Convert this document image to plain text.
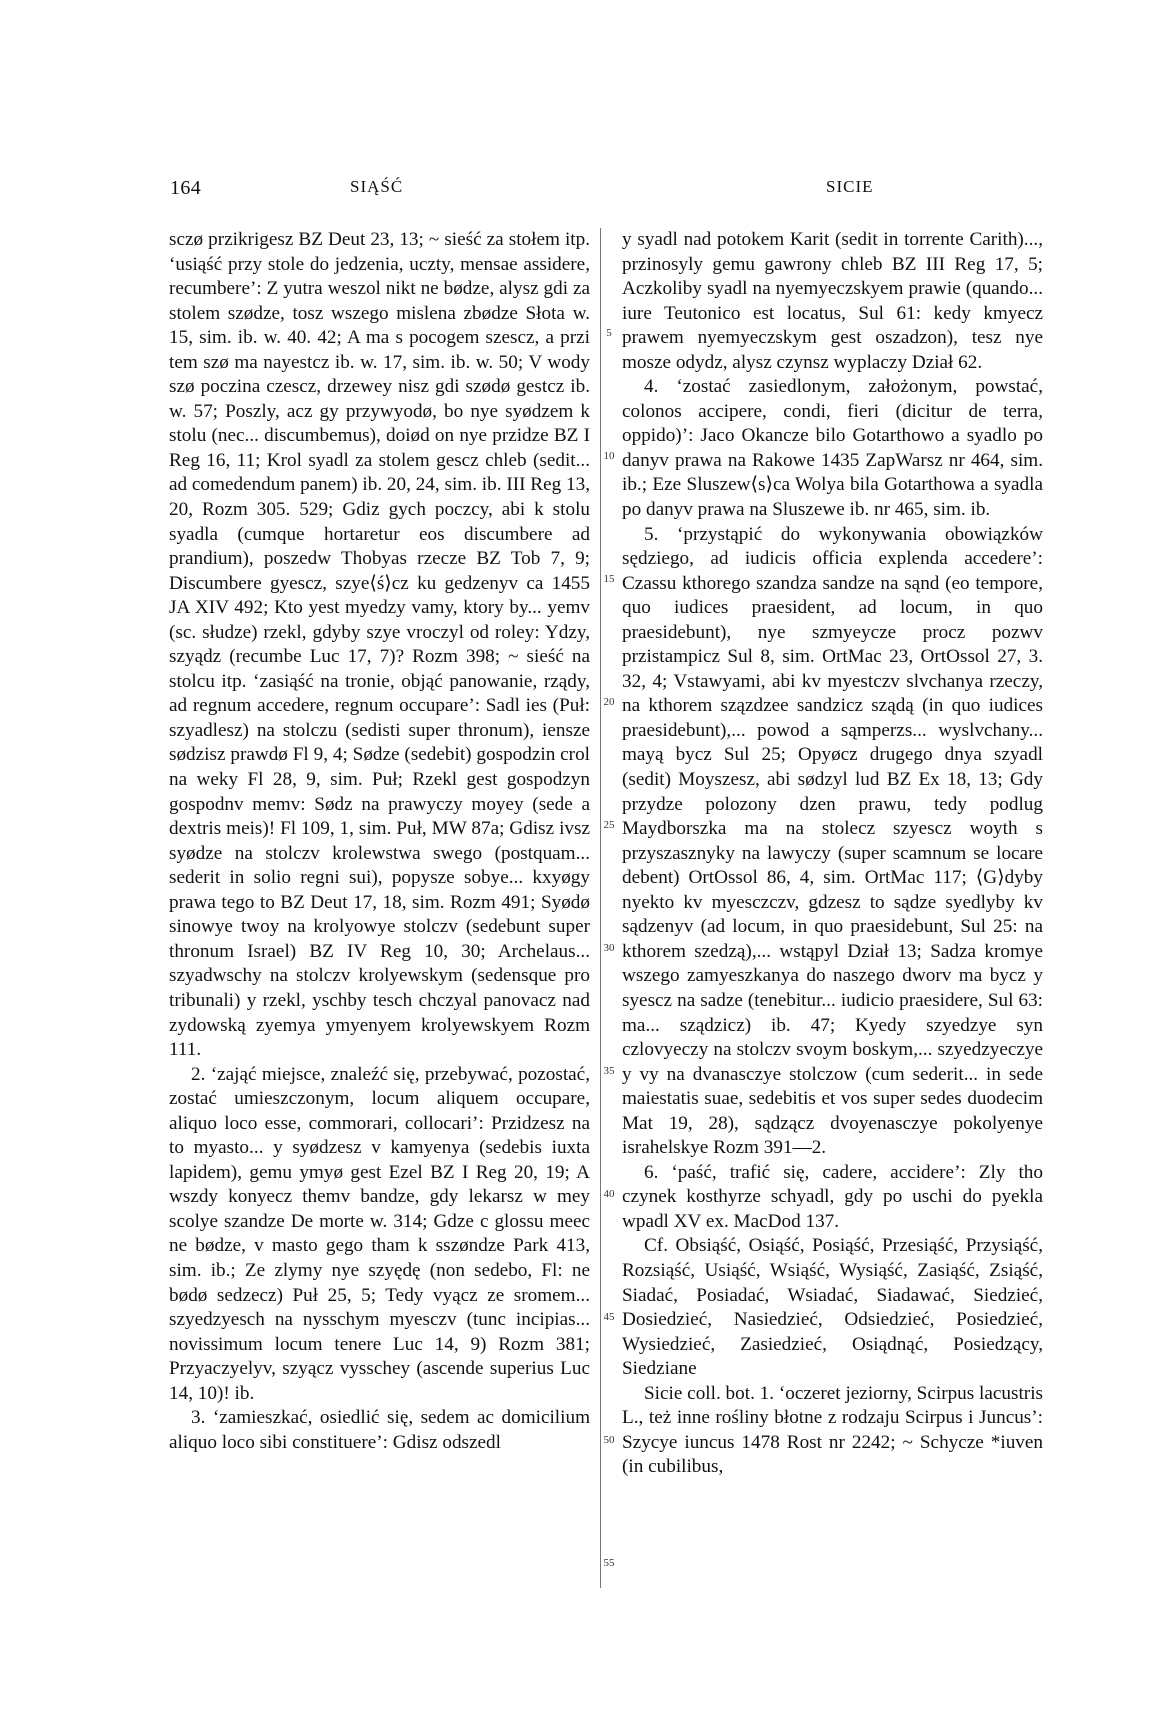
164	SIĄŚĆ	SICIE

sczø przikrigesz BZ Deut 23, 13; ~ sieść za stołem itp. ‘usiąść przy stole do jedzenia, uczty, mensae assidere, recumbere’: Z yutra weszol nikt ne bødze, alysz gdi za stolem szødze, tosz wszego mislena zbødze Słota w. 15, sim. ib. w. 40. 42; A ma s pocogem szescz, a przi tem szø ma nayestcz ib. w. 17, sim. ib. w. 50; V wody szø poczina czescz, drzewey nisz gdi szødø gestcz ib. w. 57; Poszly, acz gy przywyodø, bo nye syødzem k stolu (nec... discumbemus), doiød on nye przidze BZ I Reg 16, 11; Krol syadl za stolem gescz chleb (sedit... ad comedendum panem) ib. 20, 24, sim. ib. III Reg 13, 20, Rozm 305. 529; Gdiz gych poczcy, abi k stolu syadla (cumque hortaretur eos discumbere ad prandium), poszedw Thobyas rzecze BZ Tob 7, 9; Discumbere gyescz, szye⟨ś⟩cz ku gedzenyv ca 1455 JA XIV 492; Kto yest myedzy vamy, ktory by... yemv (sc. słudze) rzekl, gdyby szye vroczyl od roley: Ydzy, szyądz (recumbe Luc 17, 7)? Rozm 398; ~ sieść na stolcu itp. ‘zasiąść na tronie, objąć panowanie, rządy, ad regnum accedere, regnum occupare’: Sadl ies (Puł: szyadlesz) na stolczu (sedisti super thronum), iensze sødzisz prawdø Fl 9, 4; Sødze (sedebit) gospodzin crol na weky Fl 28, 9, sim. Puł; Rzekl gest gospodzyn gospodnv memv: Sødz na prawyczy moyey (sede a dextris meis)! Fl 109, 1, sim. Puł, MW 87a; Gdisz ivsz syødze na stolczv krolewstwa swego (postquam... sederit in solio regni sui), popysze sobye... kxyøgy prawa tego to BZ Deut 17, 18, sim. Rozm 491; Syødø sinowye twoy na krolyowye stolczv (sedebunt super thronum Israel) BZ IV Reg 10, 30; Archelaus... szyadwschy na stolczv krolyewskym (sedensque pro tribunali) y rzekl, yschby tesch chczyal panovacz nad zydowską zyemya ymyenyem krolyewskyem Rozm 111.

2. ‘zająć miejsce, znaleźć się, przebywać, pozostać, zostać umieszczonym, locum aliquem occupare, aliquo loco esse, commorari, collocari’: Przidzesz na to myasto... y syødzesz v kamyenya (sedebis iuxta lapidem), gemu ymyø gest Ezel BZ I Reg 20, 19; A wszdy konyecz themv bandze, gdy lekarsz w mey scolye szandze De morte w. 314; Gdze c glossu meec ne bødze, v masto gego tham k sszøndze Park 413, sim. ib.; Ze zlymy nye szyędę (non sedebo, Fl: ne bødø sedzecz) Puł 25, 5; Tedy vyącz ze sromem... szyedzyesch na nysschym myesczv (tunc incipias... novissimum locum tenere Luc 14, 9) Rozm 381; Przyaczyelyv, szyącz vysschey (ascende superius Luc 14, 10)! ib.

3. ‘zamieszkać, osiedlić się, sedem ac domicilium aliquo loco sibi constituere’: Gdisz odszedl

5
10
15
20
25
30
35
40
45
50
55

y syadl nad potokem Karit (sedit in torrente Carith)..., przinosyly gemu gawrony chleb BZ III Reg 17, 5; Aczkoliby syadl na nyemyeczskyem prawie (quando... iure Teutonico est locatus, Sul 61: kedy kmyecz prawem nyemyeczskym gest oszadzon), tesz nye mosze odydz, alysz czynsz wyplaczy Dział 62.

4. ‘zostać zasiedlonym, założonym, powstać, colonos accipere, condi, fieri (dicitur de terra, oppido)’: Jaco Okancze bilo Gotarthowo a syadlo po danyv prawa na Rakowe 1435 ZapWarsz nr 464, sim. ib.; Eze Sluszew⟨s⟩ca Wolya bila Gotarthowa a syadla po danyv prawa na Sluszewe ib. nr 465, sim. ib.

5. ‘przystąpić do wykonywania obowiązków sędziego, ad iudicis officia explenda accedere’: Czassu kthorego szandza sandze na sąnd (eo tempore, quo iudices praesident, ad locum, in quo praesidebunt), nye szmyeycze procz pozwv przistampicz Sul 8, sim. OrtMac 23, OrtOssol 27, 3. 32, 4; Vstawyami, abi kv myestczv slvchanya rzeczy, na kthorem szązdzee sandzicz sządą (in quo iudices praesidebunt),... powod a sąmperzs... wyslvchany... mayą bycz Sul 25; Opyøcz drugego dnya szyadl (sedit) Moyszesz, abi sødzyl lud BZ Ex 18, 13; Gdy przydze polozony dzen prawu, tedy podlug Maydborszka ma na stolecz szyescz woyth s przyszasznyky na lawyczy (super scamnum se locare debent) OrtOssol 86, 4, sim. OrtMac 117; ⟨G⟩dyby nyekto kv myesczczv, gdzesz to sądze syedlyby kv sądzenyv (ad locum, in quo praesidebunt, Sul 25: na kthorem szedzą),... wstąpyl Dział 13; Sadza kromye wszego zamyeszkanya do naszego dworv ma bycz y syescz na sadze (tenebitur... iudicio praesidere, Sul 63: ma... sządzicz) ib. 47; Kyedy szyedzye syn czlovyeczy na stolczv svoym boskym,... szyedzyeczye y vy na dvanasczye stolczow (cum sederit... in sede maiestatis suae, sedebitis et vos super sedes duodecim Mat 19, 28), sądzącz dvoyenasczye pokolyenye israhelskye Rozm 391—2.

6. ‘paść, trafić się, cadere, accidere’: Zly tho czynek kosthyrze schyadl, gdy po uschi do pyekla wpadl XV ex. MacDod 137.

Cf. Obsiąść, Osiąść, Posiąść, Przesiąść, Przysiąść, Rozsiąść, Usiąść, Wsiąść, Wysiąść, Zasiąść, Zsiąść, Siadać, Posiadać, Wsiadać, Siadawać, Siedzieć, Dosiedzieć, Nasiedzieć, Odsiedzieć, Posiedzieć, Wysiedzieć, Zasiedzieć, Osiądnąć, Posiedzący, Siedziane

Sicie coll. bot. 1. ‘oczeret jeziorny, Scirpus lacustris L., też inne rośliny błotne z rodzaju Scirpus i Juncus’: Szycye iuncus 1478 Rost nr 2242; ~ Schycze *iuven (in cubilibus,
